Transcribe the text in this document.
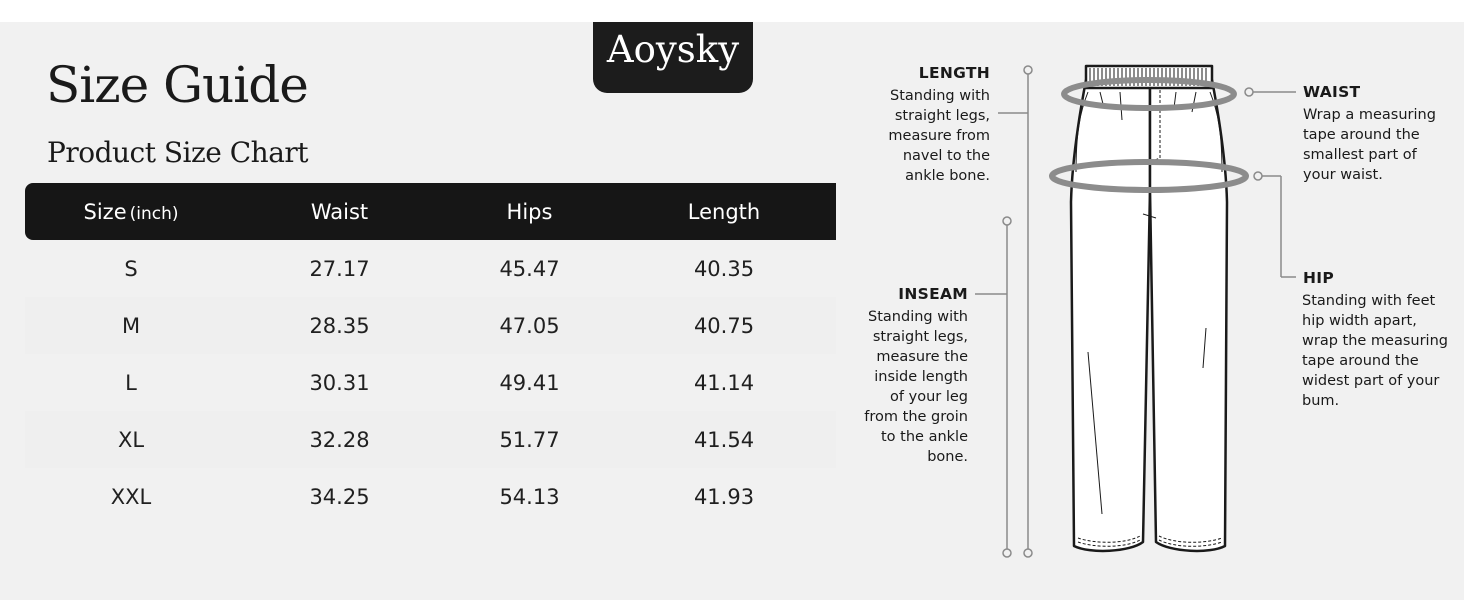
Aoysky
Size Guide
Product Size Chart
Size (inch)	Waist	Hips	Length
S	27.17	45.47	40.35
M	28.35	47.05	40.75
L	30.31	49.41	41.14
XL	32.28	51.77	41.54
XXL	34.25	54.13	41.93
LENGTH
Standing with
straight legs,
measure from
navel to the
ankle bone.
INSEAM
Standing with
straight legs,
measure the
inside length
of your leg
from the groin
to the ankle
bone.
WAIST
Wrap a measuring
tape around the
smallest part of
your waist.
HIP
Standing with feet
hip width apart,
wrap the measuring
tape around the
widest part of your
bum.
